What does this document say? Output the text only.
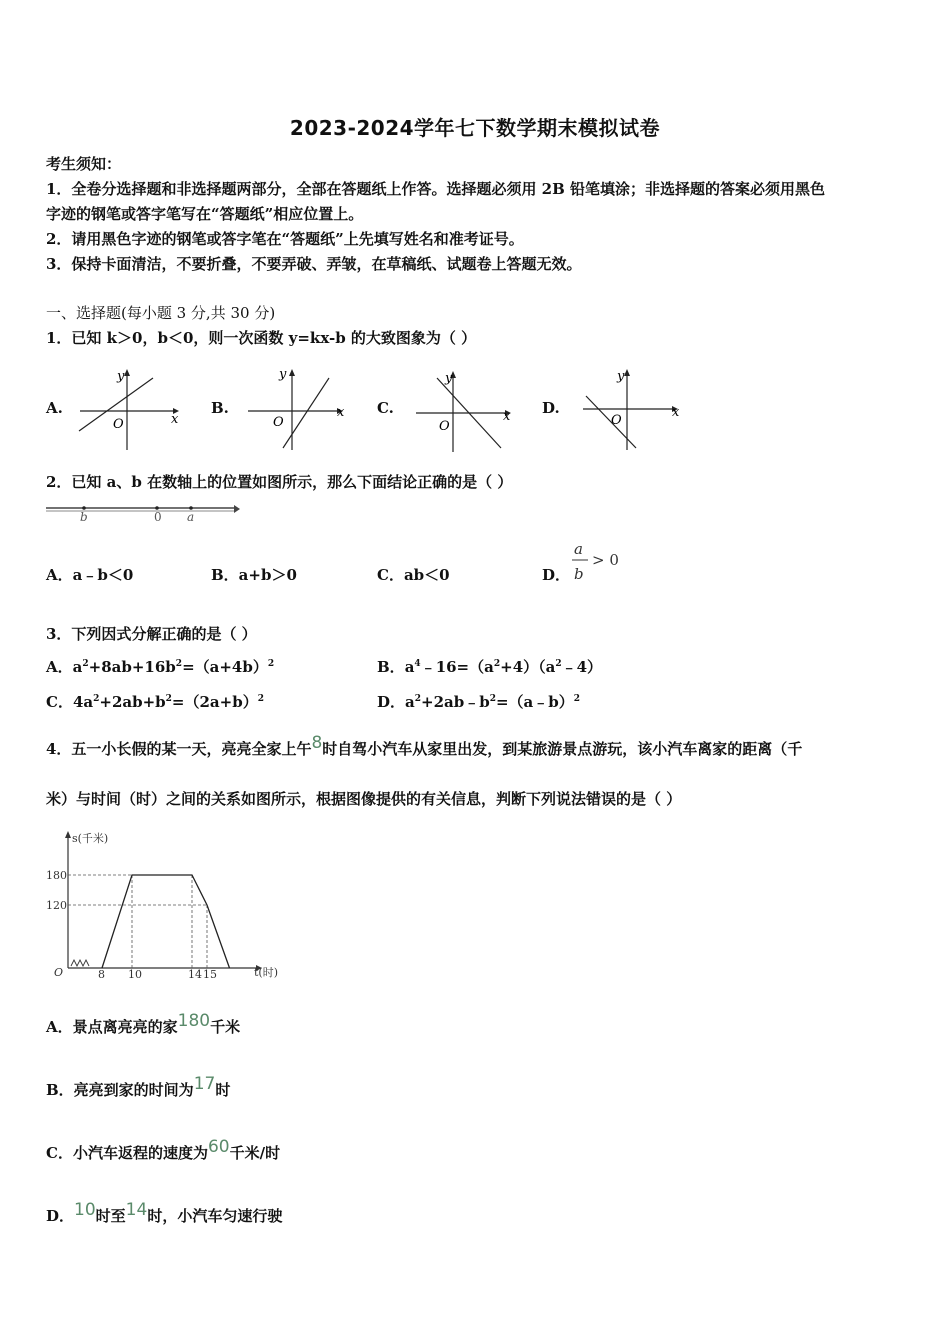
2023-2024学年七下数学期末模拟试卷
考生须知：
1．全卷分选择题和非选择题两部分，全部在答题纸上作答。选择题必须用 2B 铅笔填涂；非选择题的答案必须用黑色
字迹的钢笔或答字笔写在“答题纸”相应位置上。
2．请用黑色字迹的钢笔或答字笔在“答题纸”上先填写姓名和准考证号。
3．保持卡面清洁，不要折叠，不要弄破、弄皱，在草稿纸、试题卷上答题无效。
一、选择题(每小题 3 分,共 30 分)
1．已知 k＞0，b＜0，则一次函数 y=kx-b 的大致图象为（ ）
A.
x
y
O
B.	x
y
O
C.	x
y
O
D.	x
y
O
2．已知 a、b 在数轴上的位置如图所示，那么下面结论正确的是（ ）
b	0 a
A．a﹣b＜0	B．a+b＞0	C．ab＜0	D．
a
b
> 0
3．下列因式分解正确的是（ ）
A．$a^2+8ab+16b^2=(a+4b)^2$	B．$a^4﹣16=(a^2+4)(a^2﹣4)$
C．$4a^2+2ab+b^2=(2a+b)^2$	D．$a^2+2ab﹣b^2=(a﹣b)^2$
4．五一小长假的某一天，亮亮全家上午8时自驾小汽车从家里出发，到某旅游景点游玩，该小汽车离家的距离（千
米）与时间（时）之间的关系如图所示，根据图像提供的有关信息，判断下列说法错误的是（ ）
s(千米)
t(时)
O	8 10	14 15
120
180
A．景点离亮亮的家180千米
B．亮亮到家的时间为17时
C．小汽车返程的速度为60千米/时
D．10时至14时，小汽车匀速行驶
